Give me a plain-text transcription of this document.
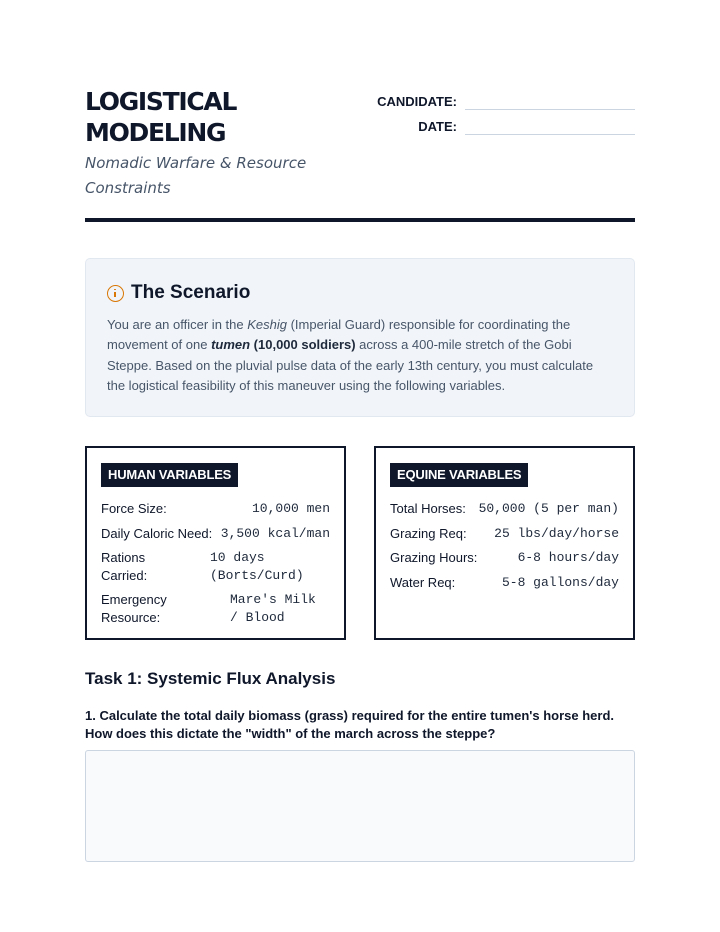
LOGISTICAL
MODELING
Nomadic Warfare & Resource Constraints
CANDIDATE:
DATE:
The Scenario

You are an officer in the Keshig (Imperial Guard) responsible for coordinating the movement of one tumen (10,000 soldiers) across a 400-mile stretch of the Gobi Steppe. Based on the pluvial pulse data of the early 13th century, you must calculate the logistical feasibility of this maneuver using the following variables.

HUMAN VARIABLES
Force Size:	10,000 men
Daily Caloric Need: 3,500 kcal/man
Rations Carried:
10 days (Borts/Curd)
Emergency Resource:
Mare's Milk / Blood
EQUINE VARIABLES
Total Horses: 50,000 (5 per man)
Grazing Req: 25 lbs/day/horse
Grazing Hours:	6-8 hours/day
Water Req:	5-8 gallons/day
Task 1: Systemic Flux Analysis
1. Calculate the total daily biomass (grass) required for the entire tumen's horse herd. How does this dictate the "width" of the march across the steppe?
